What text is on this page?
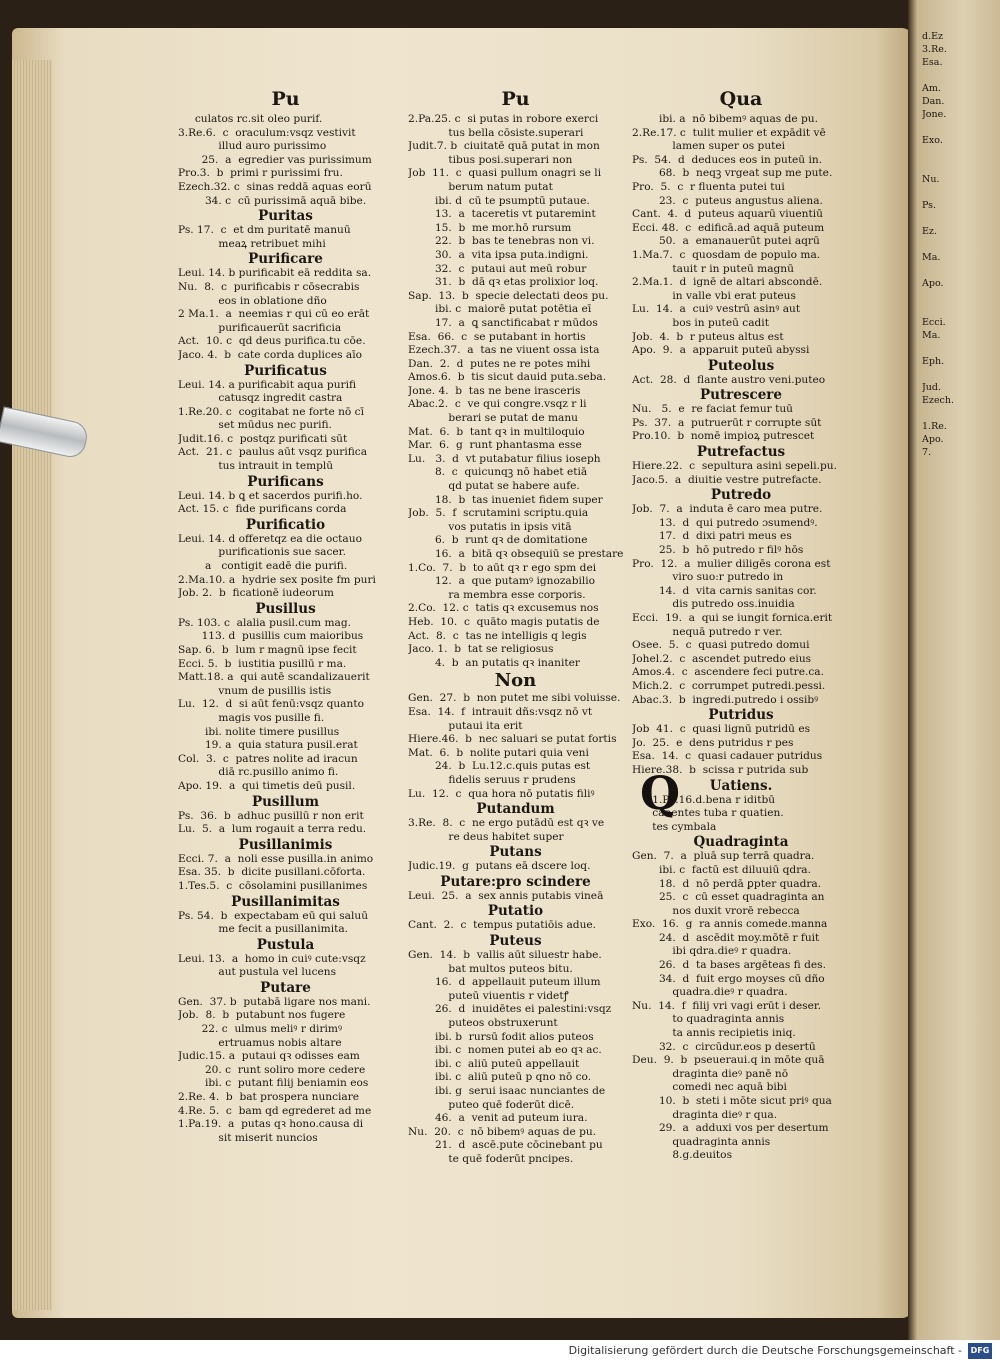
Pu
culatos rc.sit oleo purif.
3.Re.6.  c  oraculum:vsqz vestivit
illud auro purissimo
25.  a  egredier vas purissimum
Pro.3.  b  primi r purissimi fru.
Ezech.32. c  sinas reddā aquas eorū
34. c  cū purissimā aquā bibe.
Puritas
Ps. 17.  c  et d̄m puritatē manuū
meaꝝ retribuet mihi
Purificare
Leui. 14. b purificabit eā reddita sa.
Nu.  8.  c  purificabis r cōsecrabis
eos in oblatione dño
2 Ma.1.  a  neemias r qui cū eo erāt
purificauerūt sacrificia
Act.  10. c  qd deus purifica.tu cōe.
Jaco. 4.  b  cate corda duplices aīo
Purificatus
Leui. 14. a purificabit aqua purifi
catusqz ingredit castra
1.Re.20. c  cogitabat ne forte nō cī
set mūdus nec purifi.
Judit.16. c  postqz purificati sūt
Act.  21. c  paulus aūt vsqz purifica
tus intrauit in templū
Purificans
Leui. 14. b ꝗ et sacerdos purifi.ho.
Act. 15. c  fide purificans corda
Purificatio
Leui. 14. d offeretqz ea die octauo
purificationis sue sacer.
a   contigit eadē die purifi.
2.Ma.10. a  hydrie sex posite fm puri
Job. 2.  b  ficationē iudeorum
Pusillus
Ps. 103. c  alalia pusil.cum mag.
113. d  pusillis cum maioribus
Sap. 6.  b  lum r magnū ipse fecit
Ecci. 5.  b  iustitia pusillū r ma.
Matt.18. a  qui autē scandalizauerit
vnum de pusillis istis
Lu.  12.  d  si aūt fenū:vsqz quanto
magis vos pusille fi.
ibi. nolite timere pusillus
19. a  quia statura pusil.erat
Col.  3.  c  patres nolite ad iracun
diā rc.pusillo animo fi.
Apo. 19.  a  qui timetis deū pusil.
Pusillum
Ps.  36.  b  adhuc pusillū r non erit
Lu.  5.  a  lum rogauit a terra redu.
Pusillanimis
Ecci. 7.  a  noli esse pusilla.in animo
Esa. 35.  b  dicite pusillani.cōforta.
1.Tes.5.  c  cōsolamini pusillanimes
Pusillanimitas
Ps. 54.  b  expectabam eū qui saluū
me fecit a pusillanimita.
Pustula
Leui. 13.  a  homo in cuiꝰ cute:vsqz
aut pustula vel lucens
Putare
Gen.  37. b  putabā ligare nos mani.
Job.  8.  b  putabunt nos fugere
22. c  ulmus meliꝰ r dirimꝰ
ertruamus nobis altare
Judic.15. a  putaui qꝛ odisses eam
20. c  runt soliro more cedere
ibi. c  putant filij beniamin eos
2.Re. 4.  b  bat prospera nunciare
4.Re. 5.  c  bam qd egrederet ad me
1.Pa.19.  a  putas qꝛ hono.causa di
sit miserit nuncios
Pu
2.Pa.25. c  si putas in robore exerci
tus bella cōsiste.superari
Judit.7. b  ciuitatē quā putat in mon
tibus posi.superari non
Job  11.  c  quasi pullum onagri se li
berum natum putat
ibi. d  cū te psumptū putaue.
13.  a  taceretis vt putaremint
15.  b  me mor.hō rursum
22.  b  bas te tenebras non vi.
30.  a  vita ipsa puta.indigni.
32.  c  putaui aut meū robur
31.  b  dā qꝛ etas prolixior loq.
Sap.  13.  b  specie delectati deos pu.
ibi. c  maiorē putat potētia eī
17.  a  ꝗ sanctificabat r mūdos
Esa.  66.  c  se putabant in hortis
Ezech.37.  a  tas ne viuent ossa ista
Dan.  2.  d  putes ne re potes mihi
Amos.6.  b  tis sicut dauid puta.seba.
Jone. 4.  b  tas ne bene irasceris
Abac.2.  c  ve qui congre.vsqz r li
berari se putat de manu
Mat.  6.  b  tant qꝛ in multiloquio
Mar.  6.  g  runt phantasma esse
Lu.   3.  d  vt putabatur filius ioseph
8.  c  quicunqꝫ nō habet etiā
qd putat se habere aufe.
18.  b  tas inueniet fidem super
Job.  5.  f  scrutamini scriptu.quia
vos putatis in ipsis vitā
6.  b  runt qꝛ de domitatione
16.  a  bitā qꝛ obsequiū se prestare
1.Co.  7.  b  to aūt qꝛ r ego spm dei
12.  a  que putamꝰ ignozabilio
ra membra esse corporis.
2.Co.  12. c  tatis qꝛ excusemus nos
Heb.  10.  c  quāto magis putatis de
Act.  8.  c  tas ne intelligis q legis
Jaco. 1.  b  tat se religiosus
4.  b  an putatis qꝛ inaniter
Non
Gen.  27.  b  non putet me sibi voluisse.
Esa.  14.  f  intrauit dñs:vsqz nō vt
putaui ita erit
Hiere.46.  b  nec saluari se putat fortis
Mat.  6.  b  nolite putari quia veni
24.  b  Lu.12.c.quis putas est
fidelis seruus r prudens
Lu.  12.  c  qua hora nō putatis filiꝰ
Putandum
3.Re.  8.  c  ne ergo putādū est qꝛ ve
re deus habitet super
Putans
Judic.19.  g  putans eā dscere loq.
Putare:pro scindere
Leui.  25.  a  sex annis putabis vineā
Putatio
Cant.  2.  c  tempus putatiōis adue.
Puteus
Gen.  14.  b  vallis aūt siluestr habe.
bat multos puteos bitu.
16.  d  appellauit puteum illum
puteū viuentis r videtꝭ
26.  d  inuidētes ei palestini:vsqz
puteos obstruxerunt
ibi. b  rursū fodit alios puteos
ibi. c  nomen putei ab eo qꝛ ac.
ibi. c  aliū puteū appellauit
ibi. c  aliū puteū p qno nō co.
ibi. g  serui isaac nunciantes de
puteo quē foderūt dicē.
46.  a  venit ad puteum iura.
Nu.  20.  c  nō bibemꝰ aquas de pu.
21.  d  ascē.pute cōcinebant pu
te quē foderūt pncipes.
Qua
ibi. a  nō bibemꝰ aquas de pu.
2.Re.17. c  tulit mulier et expādit vē
lamen super os putei
Ps.  54.  d  deduces eos in puteū in.
68.  b  neqꝫ vrgeat sup me pute.
Pro.  5.  c  r fluenta putei tui
23.  c  puteus angustus aliena.
Cant.  4.  d  puteus aquarū viuentiū
Ecci. 48.  c  edificā.ad aquā puteum
50.  a  emanauerūt putei aqrū
1.Ma.7.  c  quosdam de populo ma.
tauit r in puteū magnū
2.Ma.1.  d  ignē de altari abscondē.
in valle vbi erat puteus
Lu.  14.  a  cuiꝰ vestrū asinꝰ aut
bos in puteū cadit
Job.  4.  b  r puteus altus est
Apo.  9.  a  apparuit puteū abyssi
Puteolus
Act.  28.  d  flante austro veni.puteo
Putrescere
Nu.   5.  e  re faciat femur tuū
Ps.  37.  a  putruerūt r corrupte sūt
Pro.10.  b  nomē impioꝝ putrescet
Putrefactus
Hiere.22.  c  sepultura asini sepeli.pu.
Jaco.5.  a  diuitie vestre putrefacte.
Putredo
Job.  7.  a  induta ē caro mea putre.
13.  d  qui putredo ɔsumendꝰ.
17.  d  dixi patri meus es
25.  b  hō putredo r filꝰ hōs
Pro.  12.  a  mulier diligēs corona est
viro suo:r putredo in
14.  d  vita carnis sanitas cor.
dis putredo oss.inuidia
Ecci.  19.  a  qui se iungit fornica.erit
nequā putredo r ver.
Osee.  5.  c  quasi putredo domui
Johel.2.  c  ascendet putredo eius
Amos.4.  c  ascendere feci putre.ca.
Mich.2.  c  corrumpet putredi.pessi.
Abac.3.  b  ingredi.putredo i ossibꝰ
Putridus
Job  41.  c  quasi lignū putridū es
Jo.  25.  e  dens putridus r pes
Esa.  14.  c  quasi cadauer putridus
Hiere.38.  b  scissa r putrida sub
Uatiens.
1.Pa.16.d.bena r iditbū
canentes tuba r quatien.
tes cymbala
Quadraginta
Gen.  7.  a  pluā sup terrā quadra.
ibi. c  factū est diluuiū qdra.
18.  d  nō perdā ꝑpter quadra.
25.  c  cū esset quadraginta an
nos duxit vrorē rebecca
Exo.  16.  g  ra annis comede.manna
24.  d  ascēdit moy.mōtē r fuit
ibi qdra.dieꝰ r quadra.
26.  d  ta bases argēteas fi des.
34.  d  fuit ergo moyses cū dño
quadra.dieꝰ r quadra.
Nu.  14.  f  filij vri vagi erūt i deser.
to quadraginta annis
ta annis recipietis iniq.
32.  c  circūdur.eos p desertū
Deu.  9.  b  pseueraui.q in mōte quā
draginta dieꝰ panē nō
comedi nec aquā bibi
10.  b  steti i mōte sicut priꝰ qua
draginta dieꝰ r qua.
29.  a  adduxi vos per desertum
quadraginta annis
8.g.deuitos
Q
d.Ez
3.Re.
Esa.
Am.
Dan.
Jone.
Exo.
Nu.
Ps.
Ez.
Ma.
Apo.
Ecci.
Ma.
Eph.
Jud.
Ezech.
1.Re.
Apo.
7.
Digitalisierung gefördert durch die Deutsche Forschungsgemeinschaft -	DFG
